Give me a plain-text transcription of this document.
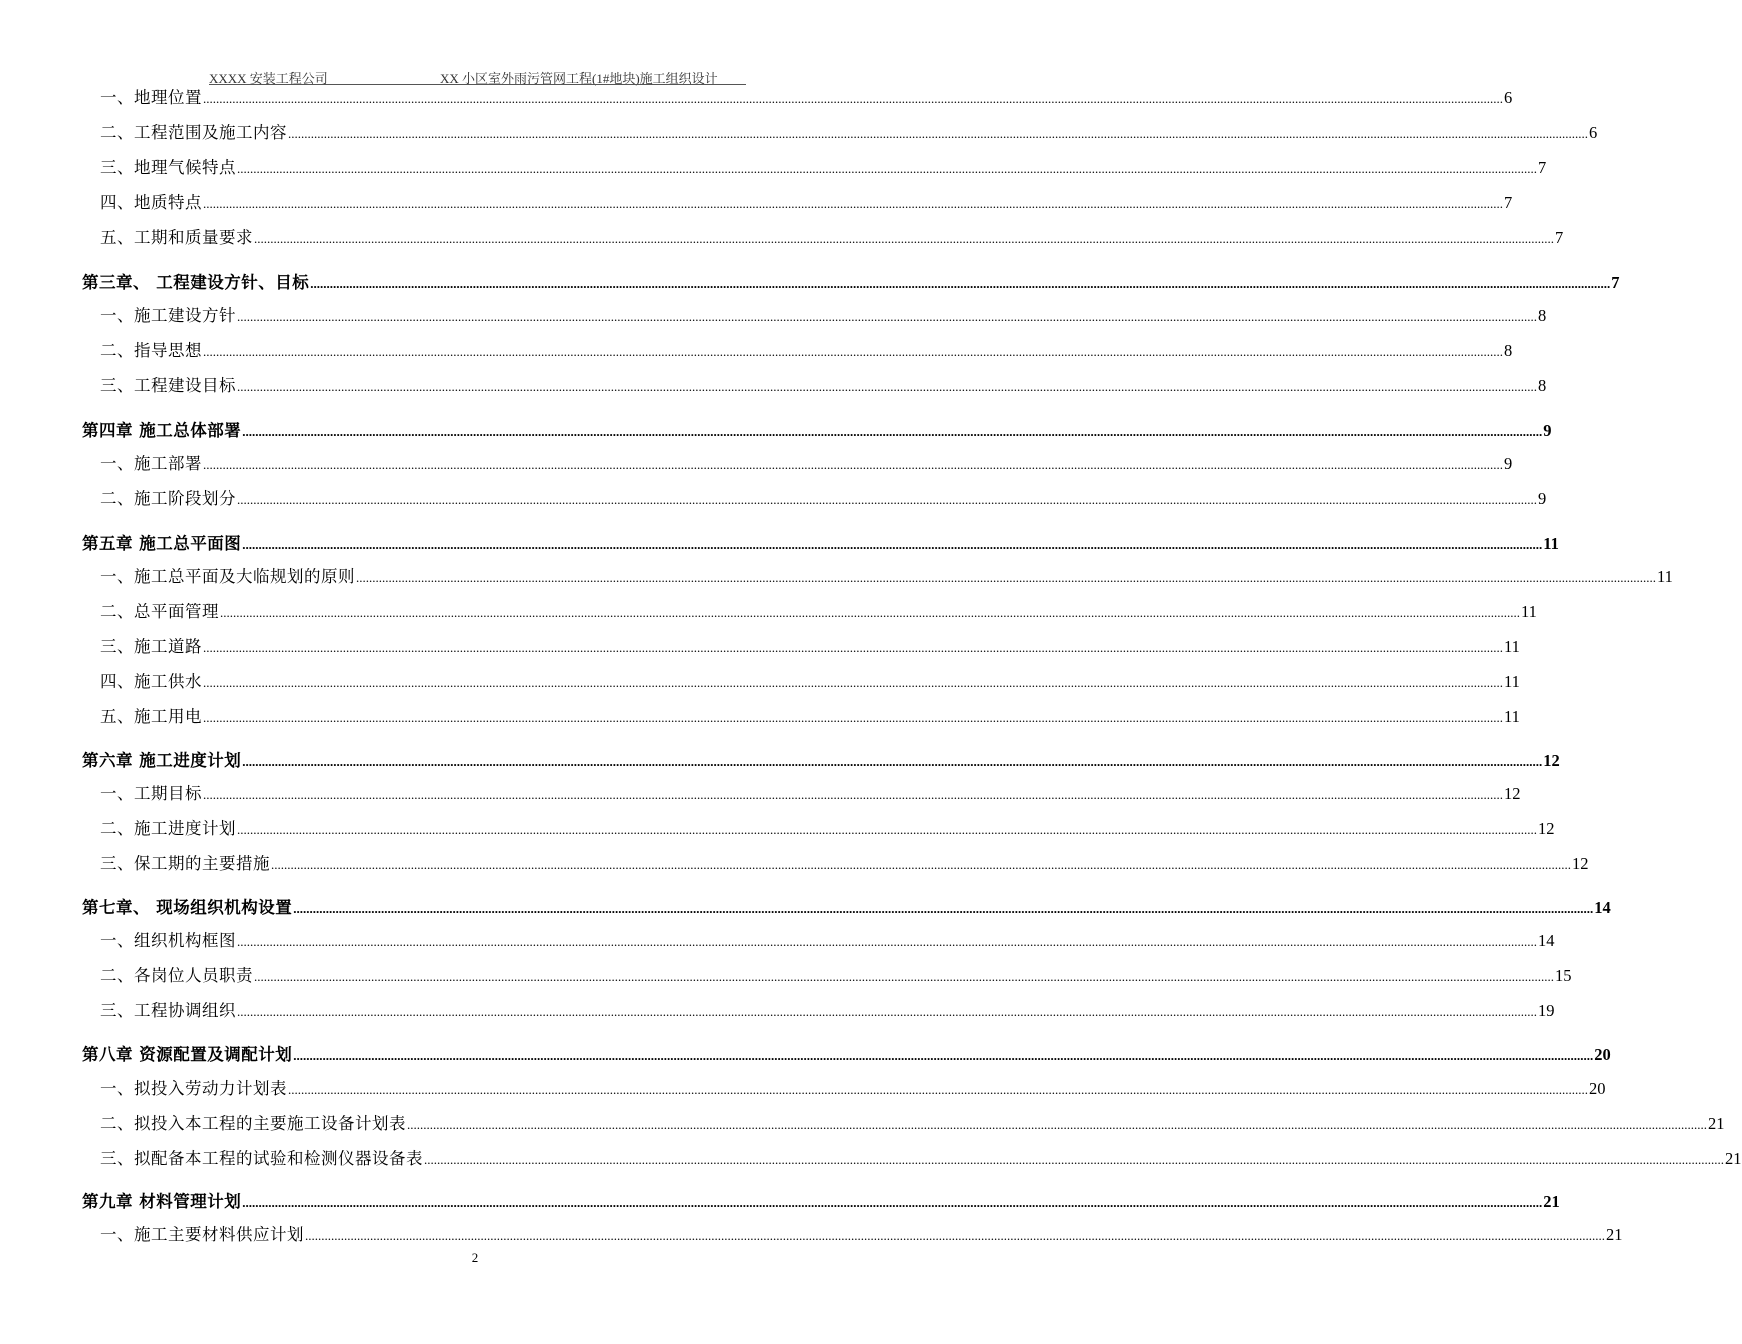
XXXX 安装工程公司	XX 小区室外雨污管网工程(1#地块)施工组织设计
一、地理位置 ................................................................................................................................................................................................................................................................................................................................................................................................................ 6
二、工程范围及施工内容 ................................................................................................................................................................................................................................................................................................................................................................................................................ 6
三、地理气候特点 ................................................................................................................................................................................................................................................................................................................................................................................................................ 7
四、地质特点 ................................................................................................................................................................................................................................................................................................................................................................................................................ 7
五、工期和质量要求 ................................................................................................................................................................................................................................................................................................................................................................................................................ 7
第三章、 工程建设方针、目标 ................................................................................................................................................................................................................................................................................................................................................................................................................ 7
一、施工建设方针 ................................................................................................................................................................................................................................................................................................................................................................................................................ 8
二、指导思想 ................................................................................................................................................................................................................................................................................................................................................................................................................ 8
三、工程建设目标 ................................................................................................................................................................................................................................................................................................................................................................................................................ 8
第四章 施工总体部署 ................................................................................................................................................................................................................................................................................................................................................................................................................ 9
一、施工部署 ................................................................................................................................................................................................................................................................................................................................................................................................................ 9
二、施工阶段划分 ................................................................................................................................................................................................................................................................................................................................................................................................................ 9
第五章 施工总平面图 ................................................................................................................................................................................................................................................................................................................................................................................................................ 11
一、施工总平面及大临规划的原则 ................................................................................................................................................................................................................................................................................................................................................................................................................ 11
二、总平面管理 ................................................................................................................................................................................................................................................................................................................................................................................................................ 11
三、施工道路 ................................................................................................................................................................................................................................................................................................................................................................................................................ 11
四、施工供水 ................................................................................................................................................................................................................................................................................................................................................................................................................ 11
五、施工用电 ................................................................................................................................................................................................................................................................................................................................................................................................................ 11
第六章 施工进度计划 ................................................................................................................................................................................................................................................................................................................................................................................................................ 12
一、工期目标 ................................................................................................................................................................................................................................................................................................................................................................................................................ 12
二、施工进度计划 ................................................................................................................................................................................................................................................................................................................................................................................................................ 12
三、保工期的主要措施 ................................................................................................................................................................................................................................................................................................................................................................................................................ 12
第七章、 现场组织机构设置 ................................................................................................................................................................................................................................................................................................................................................................................................................ 14
一、组织机构框图 ................................................................................................................................................................................................................................................................................................................................................................................................................ 14
二、各岗位人员职责 ................................................................................................................................................................................................................................................................................................................................................................................................................ 15
三、工程协调组织 ................................................................................................................................................................................................................................................................................................................................................................................................................ 19
第八章 资源配置及调配计划 ................................................................................................................................................................................................................................................................................................................................................................................................................ 20
一、拟投入劳动力计划表 ................................................................................................................................................................................................................................................................................................................................................................................................................ 20
二、拟投入本工程的主要施工设备计划表 ................................................................................................................................................................................................................................................................................................................................................................................................................ 21
三、拟配备本工程的试验和检测仪器设备表 ................................................................................................................................................................................................................................................................................................................................................................................................................ 21
第九章 材料管理计划 ................................................................................................................................................................................................................................................................................................................................................................................................................ 21
一、施工主要材料供应计划 ................................................................................................................................................................................................................................................................................................................................................................................................................ 21
2
